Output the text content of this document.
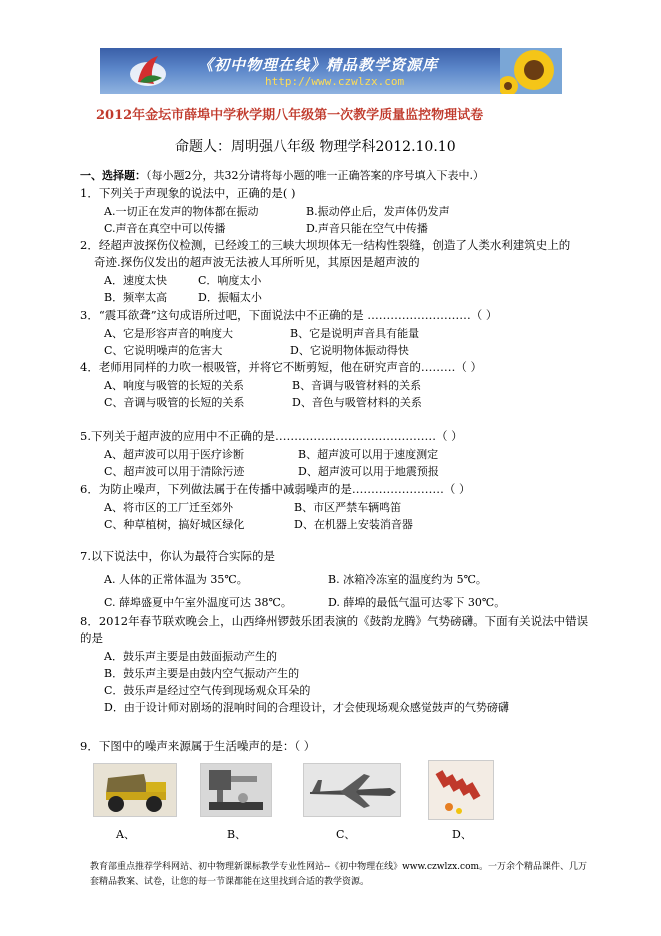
《初中物理在线》精品教学资源库
http://www.czwlzx.com
2012年金坛市薛埠中学秋学期八年级第一次教学质量监控物理试卷
命题人：周明强八年级 物理学科2012.10.10
一、选择题：（每小题2分，共32分请将每小题的唯一正确答案的序号填入下表中.）
1．下列关于声现象的说法中，正确的是( )
A.一切正在发声的物体都在振动	B.振动停止后，发声体仍发声
C.声音在真空中可以传播	D.声音只能在空气中传播
2．经超声波探伤仪检测，已经竣工的三峡大坝坝体无一结构性裂缝，创造了人类水利建筑史上的
奇迹.探伤仪发出的超声波无法被人耳所听见，其原因是超声波的
A．速度太快	C．响度太小
B．频率太高	D．振幅太小
3．“震耳欲聋”这句成语所过吧，下面说法中不正确的是 ………………………（ ）
A、它是形容声音的响度大	B、它是说明声音具有能量
C、它说明噪声的危害大	D、它说明物体振动得快
4．老师用同样的力吹一根吸管，并将它不断剪短，他在研究声音的………（ ）
A、响度与吸管的长短的关系	B、音调与吸管材料的关系
C、音调与吸管的长短的关系	D、音色与吸管材料的关系
5.下列关于超声波的应用中不正确的是……………………………………（ ）
A、超声波可以用于医疗诊断	B、超声波可以用于速度测定
C、超声波可以用于清除污迹	D、超声波可以用于地震预报
6．为防止噪声，下列做法属于在传播中减弱噪声的是……………………（ ）
A、将市区的工厂迁至郊外	B、市区严禁车辆鸣笛
C、种草植树，搞好城区绿化	D、在机器上安装消音器
7.以下说法中，你认为最符合实际的是
A. 人体的正常体温为 35℃。	B. 冰箱冷冻室的温度约为 5℃。
C. 薛埠盛夏中午室外温度可达 38℃。	D. 薛埠的最低气温可达零下 30℃。
8．2012年春节联欢晚会上，山西绛州锣鼓乐团表演的《鼓韵龙腾》气势磅礴。下面有关说法中错误
的是
A．鼓乐声主要是由鼓面振动产生的
B．鼓乐声主要是由鼓内空气振动产生的
C．鼓乐声是经过空气传到现场观众耳朵的
D．由于设计师对剧场的混响时间的合理设计，才会使现场观众感觉鼓声的气势磅礴
9．下图中的噪声来源属于生活噪声的是：（ ）
A、	B、	C、	D、
教育部重点推荐学科网站、初中物理新课标教学专业性网站--《初中物理在线》www.czwlzx.com。一万余个精品课件、几万套精品教案、试卷，让您的每一节课都能在这里找到合适的教学资源。
